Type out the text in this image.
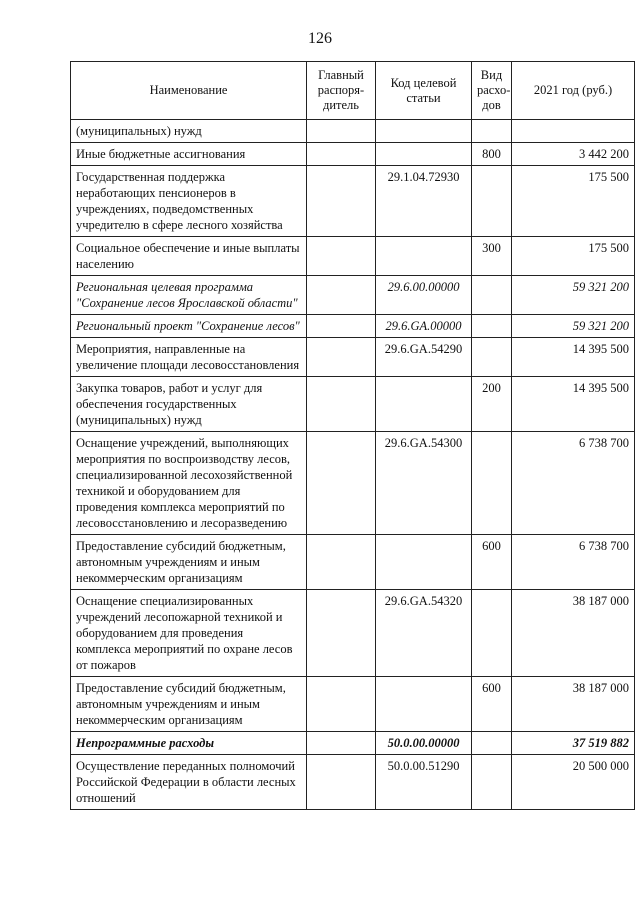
126
Наименование	Главный распоря-дитель	Код целевой статьи	Вид расхо-дов	2021 год (руб.)
(муниципальных) нужд				
Иные бюджетные ассигнования			800	3 442 200
Государственная поддержка неработающих пенсионеров в учреждениях, подведомственных учредителю в сфере лесного хозяйства		29.1.04.72930		175 500
Социальное обеспечение и иные выплаты населению			300	175 500
Региональная целевая программа "Сохранение лесов Ярославской области"		29.6.00.00000		59 321 200
Региональный проект "Сохранение лесов"		29.6.GA.00000		59 321 200
Мероприятия, направленные на увеличение площади лесовосстановления		29.6.GA.54290		14 395 500
Закупка товаров, работ и услуг для обеспечения государственных (муниципальных) нужд			200	14 395 500
Оснащение учреждений, выполняющих мероприятия по воспроизводству лесов, специализированной лесохозяйственной техникой и оборудованием для проведения комплекса мероприятий по лесовосстановлению и лесоразведению		29.6.GA.54300		6 738 700
Предоставление субсидий бюджетным, автономным учреждениям и иным некоммерческим организациям			600	6 738 700
Оснащение специализированных учреждений лесопожарной техникой и оборудованием для проведения комплекса мероприятий по охране лесов от пожаров		29.6.GA.54320		38 187 000
Предоставление субсидий бюджетным, автономным учреждениям и иным некоммерческим организациям			600	38 187 000
Непрограммные расходы		50.0.00.00000		37 519 882
Осуществление переданных полномочий Российской Федерации в области лесных отношений		50.0.00.51290		20 500 000
